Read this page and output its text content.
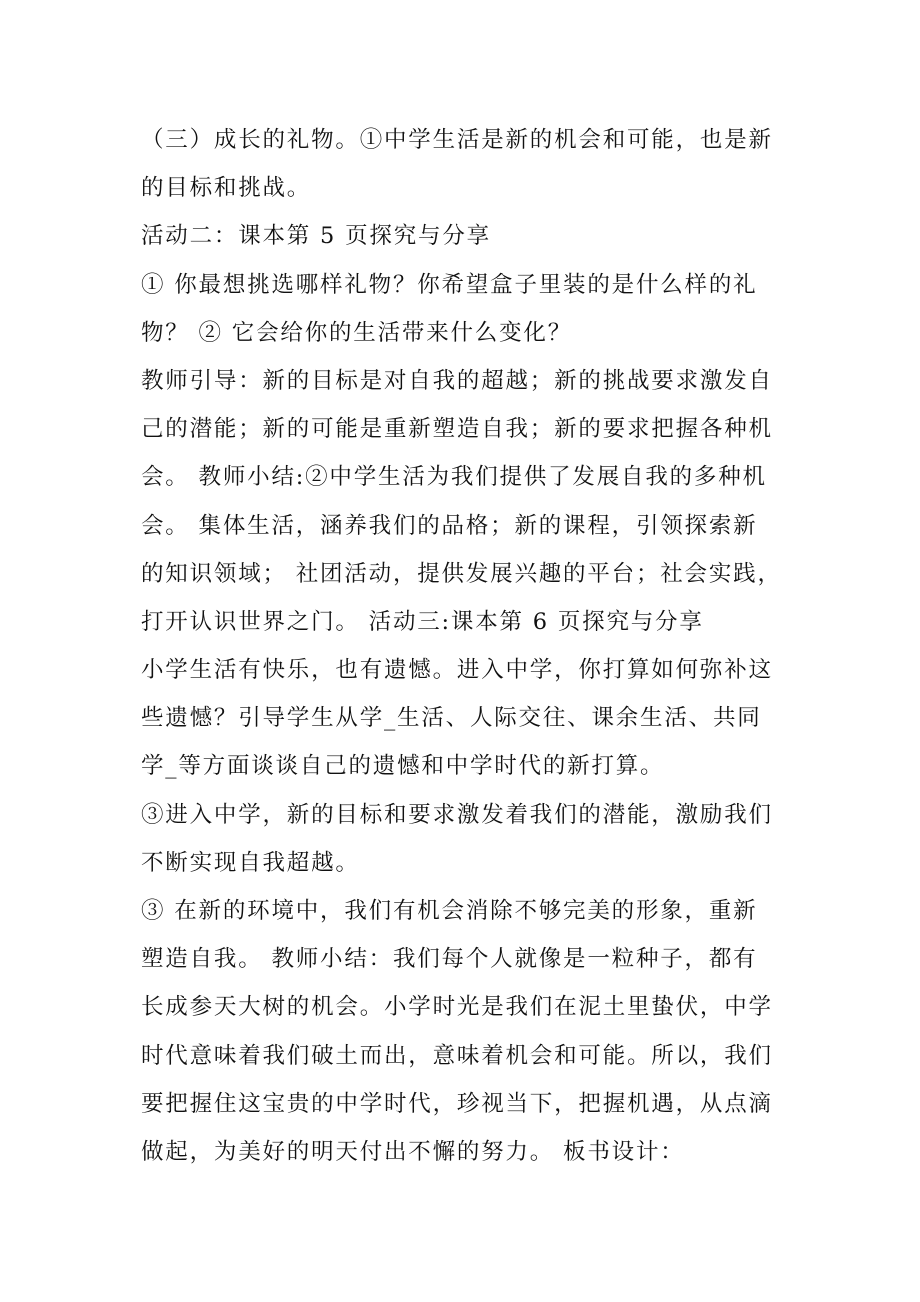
（三）成长的礼物。①中学生活是新的机会和可能，也是新

的目标和挑战。

活动二：课本第 5 页探究与分享

① 你最想挑选哪样礼物？你希望盒子里装的是什么样的礼

物？ ② 它会给你的生活带来什么变化？

教师引导：新的目标是对自我的超越；新的挑战要求激发自

己的潜能；新的可能是重新塑造自我；新的要求把握各种机

会。 教师小结:②中学生活为我们提供了发展自我的多种机

会。 集体生活，涵养我们的品格；新的课程，引领探索新

的知识领域； 社团活动，提供发展兴趣的平台；社会实践，

打开认识世界之门。 活动三:课本第 6 页探究与分享

小学生活有快乐，也有遗憾。进入中学，你打算如何弥补这

些遗憾？引导学生从学_生活、人际交往、课余生活、共同

学_等方面谈谈自己的遗憾和中学时代的新打算。

③进入中学，新的目标和要求激发着我们的潜能，激励我们

不断实现自我超越。

③ 在新的环境中，我们有机会消除不够完美的形象，重新

塑造自我。 教师小结：我们每个人就像是一粒种子，都有

长成参天大树的机会。小学时光是我们在泥土里蛰伏，中学

时代意味着我们破土而出，意味着机会和可能。所以，我们

要把握住这宝贵的中学时代，珍视当下，把握机遇，从点滴

做起，为美好的明天付出不懈的努力。 板书设计：
